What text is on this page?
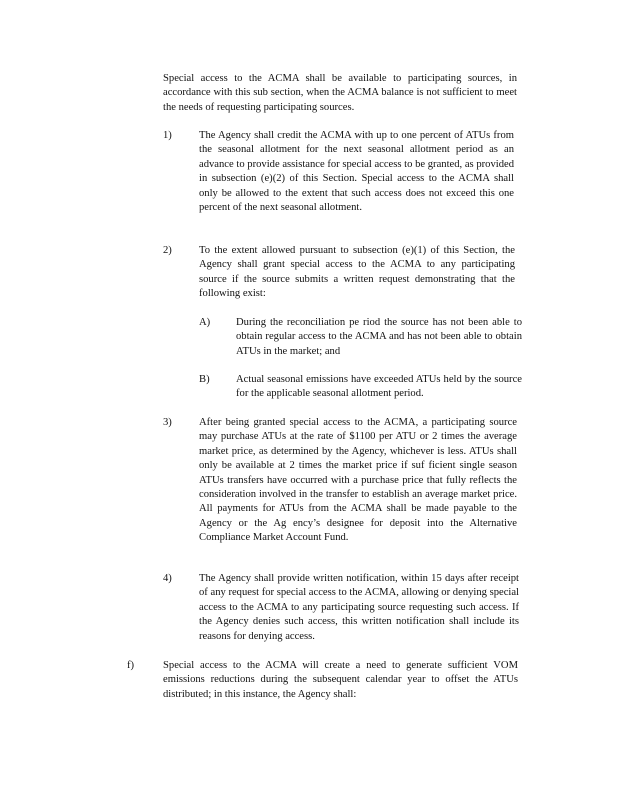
Special access to the ACMA shall be available to participating sources, in accordance with this sub section, when the ACMA balance is not sufficient to meet the needs of requesting participating sources.
1)	The Agency shall credit the ACMA with up to one percent of ATUs from the seasonal allotment for the next seasonal allotment period as an advance to provide assistance for special access to be granted, as provided in subsection (e)(2) of this Section. Special access to the ACMA shall only be allowed to the extent that such access does not exceed this one percent of the next seasonal allotment.
2)	To the extent allowed pursuant to subsection (e)(1) of this Section, the Agency shall grant special access to the ACMA to any participating source if the source submits a written request demonstrating that the following exist:
A) During the reconciliation pe riod the source has not been able to obtain regular access to the ACMA and has not been able to obtain ATUs in the market; and
B) Actual seasonal emissions have exceeded ATUs held by the source for the applicable seasonal allotment period.
3)	After being granted special access to the ACMA, a participating source may purchase ATUs at the rate of $1100 per ATU or 2 times the average market price, as determined by the Agency, whichever is less. ATUs shall only be available at 2 times the market price if suf ficient single season ATUs transfers have occurred with a purchase price that fully reflects the consideration involved in the transfer to establish an average market price. All payments for ATUs from the ACMA shall be made payable to the Agency or the Ag ency’s designee for deposit into the Alternative Compliance Market Account Fund.
4)	The Agency shall provide written notification, within 15 days after receipt of any request for special access to the ACMA, allowing or denying special access to the ACMA to any participating source requesting such access. If the Agency denies such access, this written notification shall include its reasons for denying access.
f)	Special access to the ACMA will create a need to generate sufficient VOM emissions reductions during the subsequent calendar year to offset the ATUs distributed; in this instance, the Agency shall:
